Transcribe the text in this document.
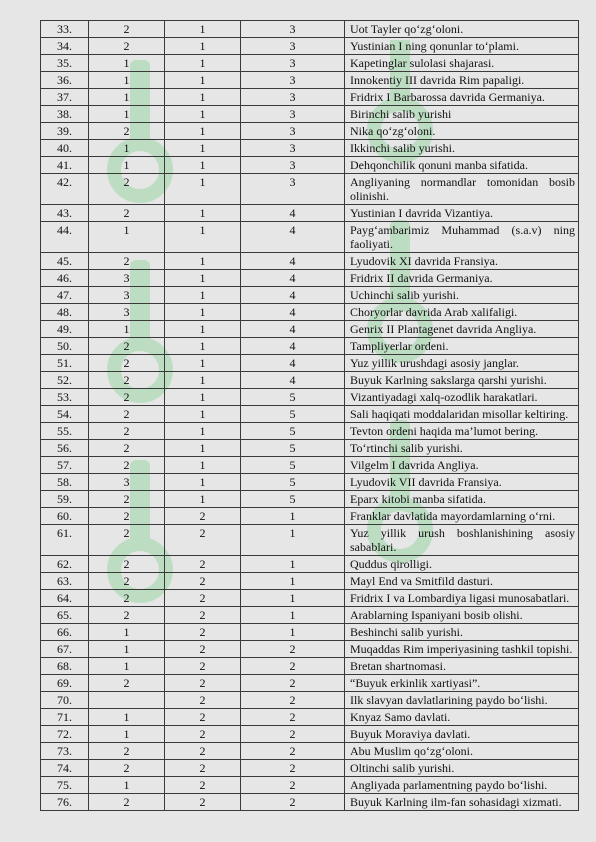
33.	2	1	3	Uot Tayler qo‘zg‘oloni.
34.	2	1	3	Yustinian I ning qonunlar to‘plami.
35.	1	1	3	Kapetinglar sulolasi shajarasi.
36.	1	1	3	Innokentiy III davrida Rim papaligi.
37.	1	1	3	Fridrix I Barbarossa davrida Germaniya.
38.	1	1	3	Birinchi salib yurishi
39.	2	1	3	Nika qo‘zg‘oloni.
40.	1	1	3	Ikkinchi salib yurishi.
41.	1	1	3	Dehqonchilik qonuni manba sifatida.
42.	2	1	3	Angliyaning normandlar tomonidan bosib olinishi.
43.	2	1	4	Yustinian I davrida Vizantiya.
44.	1	1	4	Payg‘ambarimiz Muhammad (s.a.v) ning faoliyati.
45.	2	1	4	Lyudovik XI davrida Fransiya.
46.	3	1	4	Fridrix II davrida Germaniya.
47.	3	1	4	Uchinchi salib yurishi.
48.	3	1	4	Choryorlar davrida Arab xalifaligi.
49.	1	1	4	Genrix II Plantagenet davrida Angliya.
50.	2	1	4	Tampliyerlar ordeni.
51.	2	1	4	Yuz yillik urushdagi asosiy janglar.
52.	2	1	4	Buyuk Karlning sakslarga qarshi yurishi.
53.	2	1	5	Vizantiyadagi xalq-ozodlik harakatlari.
54.	2	1	5	Sali haqiqati moddalaridan misollar keltiring.
55.	2	1	5	Tevton ordeni haqida ma’lumot bering.
56.	2	1	5	To‘rtinchi salib yurishi.
57.	2	1	5	Vilgelm I davrida Angliya.
58.	3	1	5	Lyudovik VII davrida Fransiya.
59.	2	1	5	Eparx kitobi manba sifatida.
60.	2	2	1	Franklar davlatida mayordamlarning o‘rni.
61.	2	2	1	Yuz yillik urush boshlanishining asosiy sabablari.
62.	2	2	1	Quddus qirolligi.
63.	2	2	1	Mayl End va Smitfild dasturi.
64.	2	2	1	Fridrix I va Lombardiya ligasi munosabatlari.
65.	2	2	1	Arablarning Ispaniyani bosib olishi.
66.	1	2	1	Beshinchi salib yurishi.
67.	1	2	2	Muqaddas Rim imperiyasining tashkil topishi.
68.	1	2	2	Bretan shartnomasi.
69.	2	2	2	“Buyuk erkinlik xartiyasi”.
70.		2	2	Ilk slavyan davlatlarining paydo bo‘lishi.
71.	1	2	2	Knyaz Samo davlati.
72.	1	2	2	Buyuk Moraviya davlati.
73.	2	2	2	Abu Muslim qo‘zg‘oloni.
74.	2	2	2	Oltinchi salib yurishi.
75.	1	2	2	Angliyada parlamentning paydo bo‘lishi.
76.	2	2	2	Buyuk Karlning ilm-fan sohasidagi xizmati.
